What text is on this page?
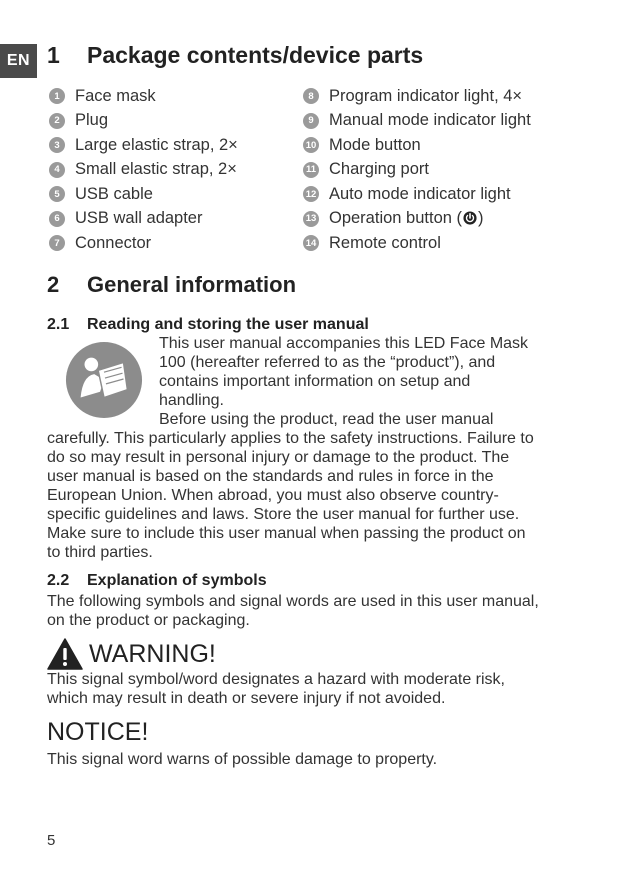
EN 1 Package contents/device parts
1 Face mask
2 Plug
3 Large elastic strap, 2×
4 Small elastic strap, 2×
5 USB cable
6 USB wall adapter
7 Connector
8 Program indicator light, 4×
9 Manual mode indicator light
10 Mode button
11 Charging port
12 Auto mode indicator light
13 Operation button ( )
14 Remote control
2 General information
2.1 Reading and storing the user manual
This user manual accompanies this LED Face Mask 100 (hereafter referred to as the “product”), and contains important information on setup and handling.
Before using the product, read the user manual
carefully. This particularly applies to the safety instructions. Failure to do so may result in personal injury or damage to the product. The user manual is based on the standards and rules in force in the European Union. When abroad, you must also observe country-specific guidelines and laws. Store the user manual for further use. Make sure to include this user manual when passing the product on to third parties.
2.2 Explanation of symbols
The following symbols and signal words are used in this user manual, on the product or packaging.
WARNING!
This signal symbol/word designates a hazard with moderate risk, which may result in death or severe injury if not avoided.
NOTICE!
This signal word warns of possible damage to property.
5
